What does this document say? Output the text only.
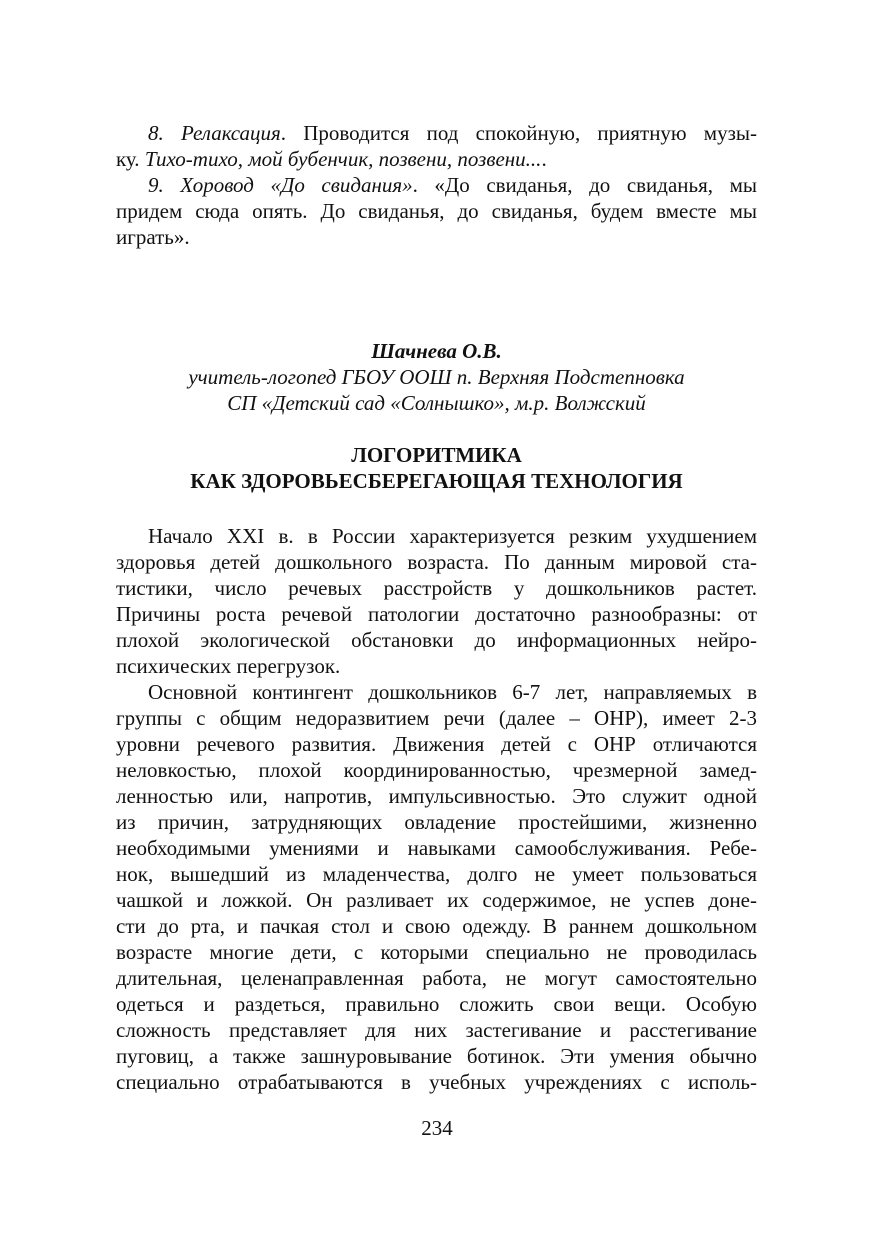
8. Релаксация. Проводится под спокойную, приятную музы-
ку. Тихо-тихо, мой бубенчик, позвени, позвени....
9. Хоровод «До свидания». «До свиданья, до свиданья, мы
придем сюда опять. До свиданья, до свиданья, будем вместе мы
играть».
Шачнева О.В.
учитель-логопед ГБОУ ООШ п. Верхняя Подстепновка
СП «Детский сад «Солнышко», м.р. Волжский
ЛОГОРИТМИКА
КАК ЗДОРОВЬЕСБЕРЕГАЮЩАЯ ТЕХНОЛОГИЯ
Начало XXI в. в России характеризуется резким ухудшением
здоровья детей дошкольного возраста. По данным мировой ста-
тистики, число речевых расстройств у дошкольников растет.
Причины роста речевой патологии достаточно разнообразны: от
плохой экологической обстановки до информационных нейро-
психических перегрузок.
Основной контингент дошкольников 6-7 лет, направляемых в
группы с общим недоразвитием речи (далее – ОНР), имеет 2-3
уровни речевого развития. Движения детей с ОНР отличаются
неловкостью, плохой координированностью, чрезмерной замед-
ленностью или, напротив, импульсивностью. Это служит одной
из причин, затрудняющих овладение простейшими, жизненно
необходимыми умениями и навыками самообслуживания. Ребе-
нок, вышедший из младенчества, долго не умеет пользоваться
чашкой и ложкой. Он разливает их содержимое, не успев доне-
сти до рта, и пачкая стол и свою одежду. В раннем дошкольном
возрасте многие дети, с которыми специально не проводилась
длительная, целенаправленная работа, не могут самостоятельно
одеться и раздеться, правильно сложить свои вещи. Особую
сложность представляет для них застегивание и расстегивание
пуговиц, а также зашнуровывание ботинок. Эти умения обычно
специально отрабатываются в учебных учреждениях с исполь-
234
